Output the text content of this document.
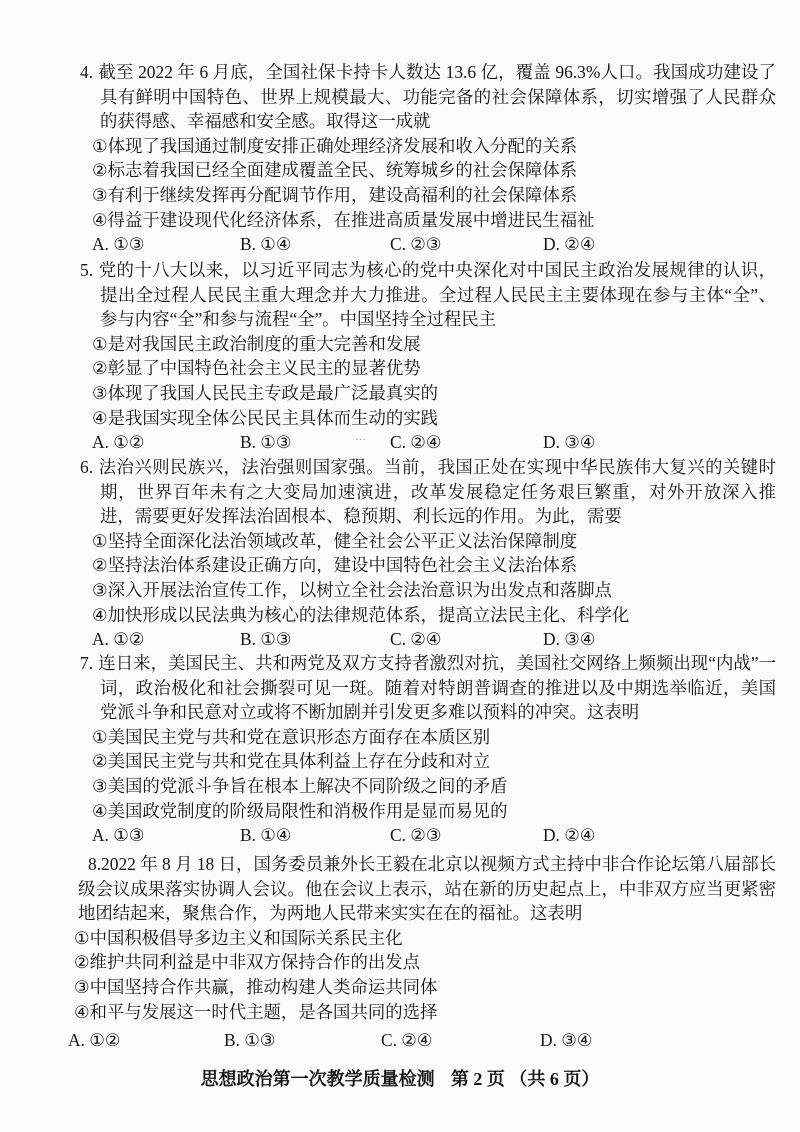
4. 截至 2022 年 6 月底，全国社保卡持卡人数达 13.6 亿，覆盖 96.3%人口。我国成功建设了具有鲜明中国特色、世界上规模最大、功能完备的社会保障体系，切实增强了人民群众的获得感、幸福感和安全感。取得这一成就

①体现了我国通过制度安排正确处理经济发展和收入分配的关系
②标志着我国已经全面建成覆盖全民、统筹城乡的社会保障体系
③有利于继续发挥再分配调节作用，建设高福利的社会保障体系
④得益于建设现代化经济体系，在推进高质量发展中增进民生福祉
A. ①③	B. ①④	C. ②③	D. ②④

5. 党的十八大以来，以习近平同志为核心的党中央深化对中国民主政治发展规律的认识，提出全过程人民民主重大理念并大力推进。全过程人民民主主要体现在参与主体“全”、参与内容“全”和参与流程“全”。中国坚持全过程民主

①是对我国民主政治制度的重大完善和发展
②彰显了中国特色社会主义民主的显著优势
③体现了我国人民民主专政是最广泛最真实的
④是我国实现全体公民民主具体而生动的实践
A. ①②	B. ①③	··· C. ②④	D. ③④

6. 法治兴则民族兴，法治强则国家强。当前，我国正处在实现中华民族伟大复兴的关键时期，世界百年未有之大变局加速演进，改革发展稳定任务艰巨繁重，对外开放深入推进，需要更好发挥法治固根本、稳预期、利长远的作用。为此，需要

①坚持全面深化法治领域改革，健全社会公平正义法治保障制度
②坚持法治体系建设正确方向，建设中国特色社会主义法治体系
③深入开展法治宣传工作，以树立全社会法治意识为出发点和落脚点
④加快形成以民法典为核心的法律规范体系，提高立法民主化、科学化
A. ①②	B. ①③	C. ②④	D. ③④

7. 连日来，美国民主、共和两党及双方支持者激烈对抗，美国社交网络上频频出现“内战”一词，政治极化和社会撕裂可见一斑。随着对特朗普调查的推进以及中期选举临近，美国党派斗争和民意对立或将不断加剧并引发更多难以预料的冲突。这表明

①美国民主党与共和党在意识形态方面存在本质区别
②美国民主党与共和党在具体利益上存在分歧和对立
③美国的党派斗争旨在根本上解决不同阶级之间的矛盾
④美国政党制度的阶级局限性和消极作用是显而易见的
A. ①③	B. ①④	C. ②③	D. ②④

8.2022 年 8 月 18 日，国务委员兼外长王毅在北京以视频方式主持中非合作论坛第八届部长级会议成果落实协调人会议。他在会议上表示，站在新的历史起点上，中非双方应当更紧密地团结起来，聚焦合作，为两地人民带来实实在在的福祉。这表明

①中国积极倡导多边主义和国际关系民主化
②维护共同利益是中非双方保持合作的出发点
③中国坚持合作共赢，推动构建人类命运共同体
④和平与发展这一时代主题，是各国共同的选择
A. ①②	B. ①③	C. ②④	D. ③④
思想政治第一次教学质量检测 第 2 页 （共 6 页）
